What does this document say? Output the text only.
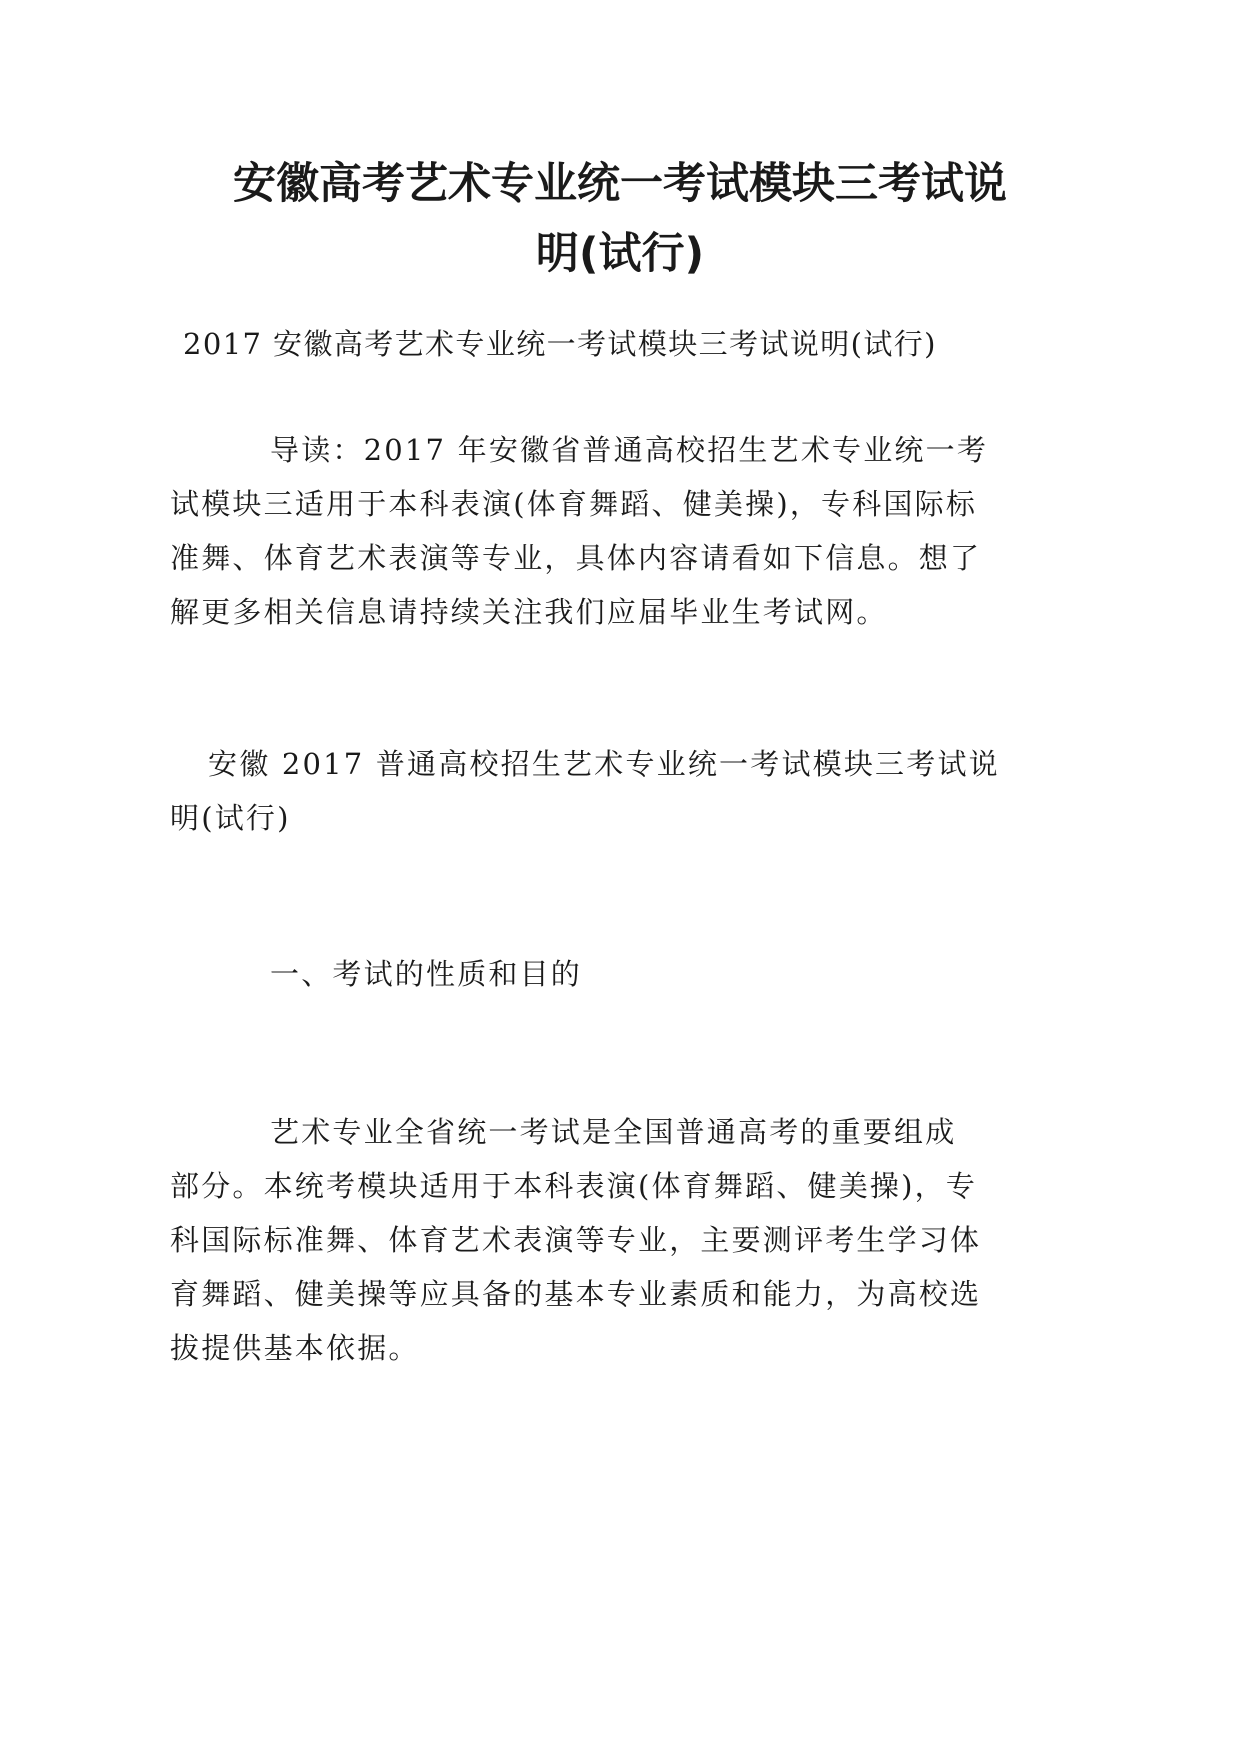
安徽高考艺术专业统一考试模块三考试说
明(试行)

2017 安徽高考艺术专业统一考试模块三考试说明(试行)

导读：2017 年安徽省普通高校招生艺术专业统一考

试模块三适用于本科表演(体育舞蹈、健美操)，专科国际标

准舞、体育艺术表演等专业，具体内容请看如下信息。想了

解更多相关信息请持续关注我们应届毕业生考试网。

安徽 2017 普通高校招生艺术专业统一考试模块三考试说

明(试行)

一、考试的性质和目的

艺术专业全省统一考试是全国普通高考的重要组成

部分。本统考模块适用于本科表演(体育舞蹈、健美操)，专

科国际标准舞、体育艺术表演等专业，主要测评考生学习体

育舞蹈、健美操等应具备的基本专业素质和能力，为高校选

拔提供基本依据。
